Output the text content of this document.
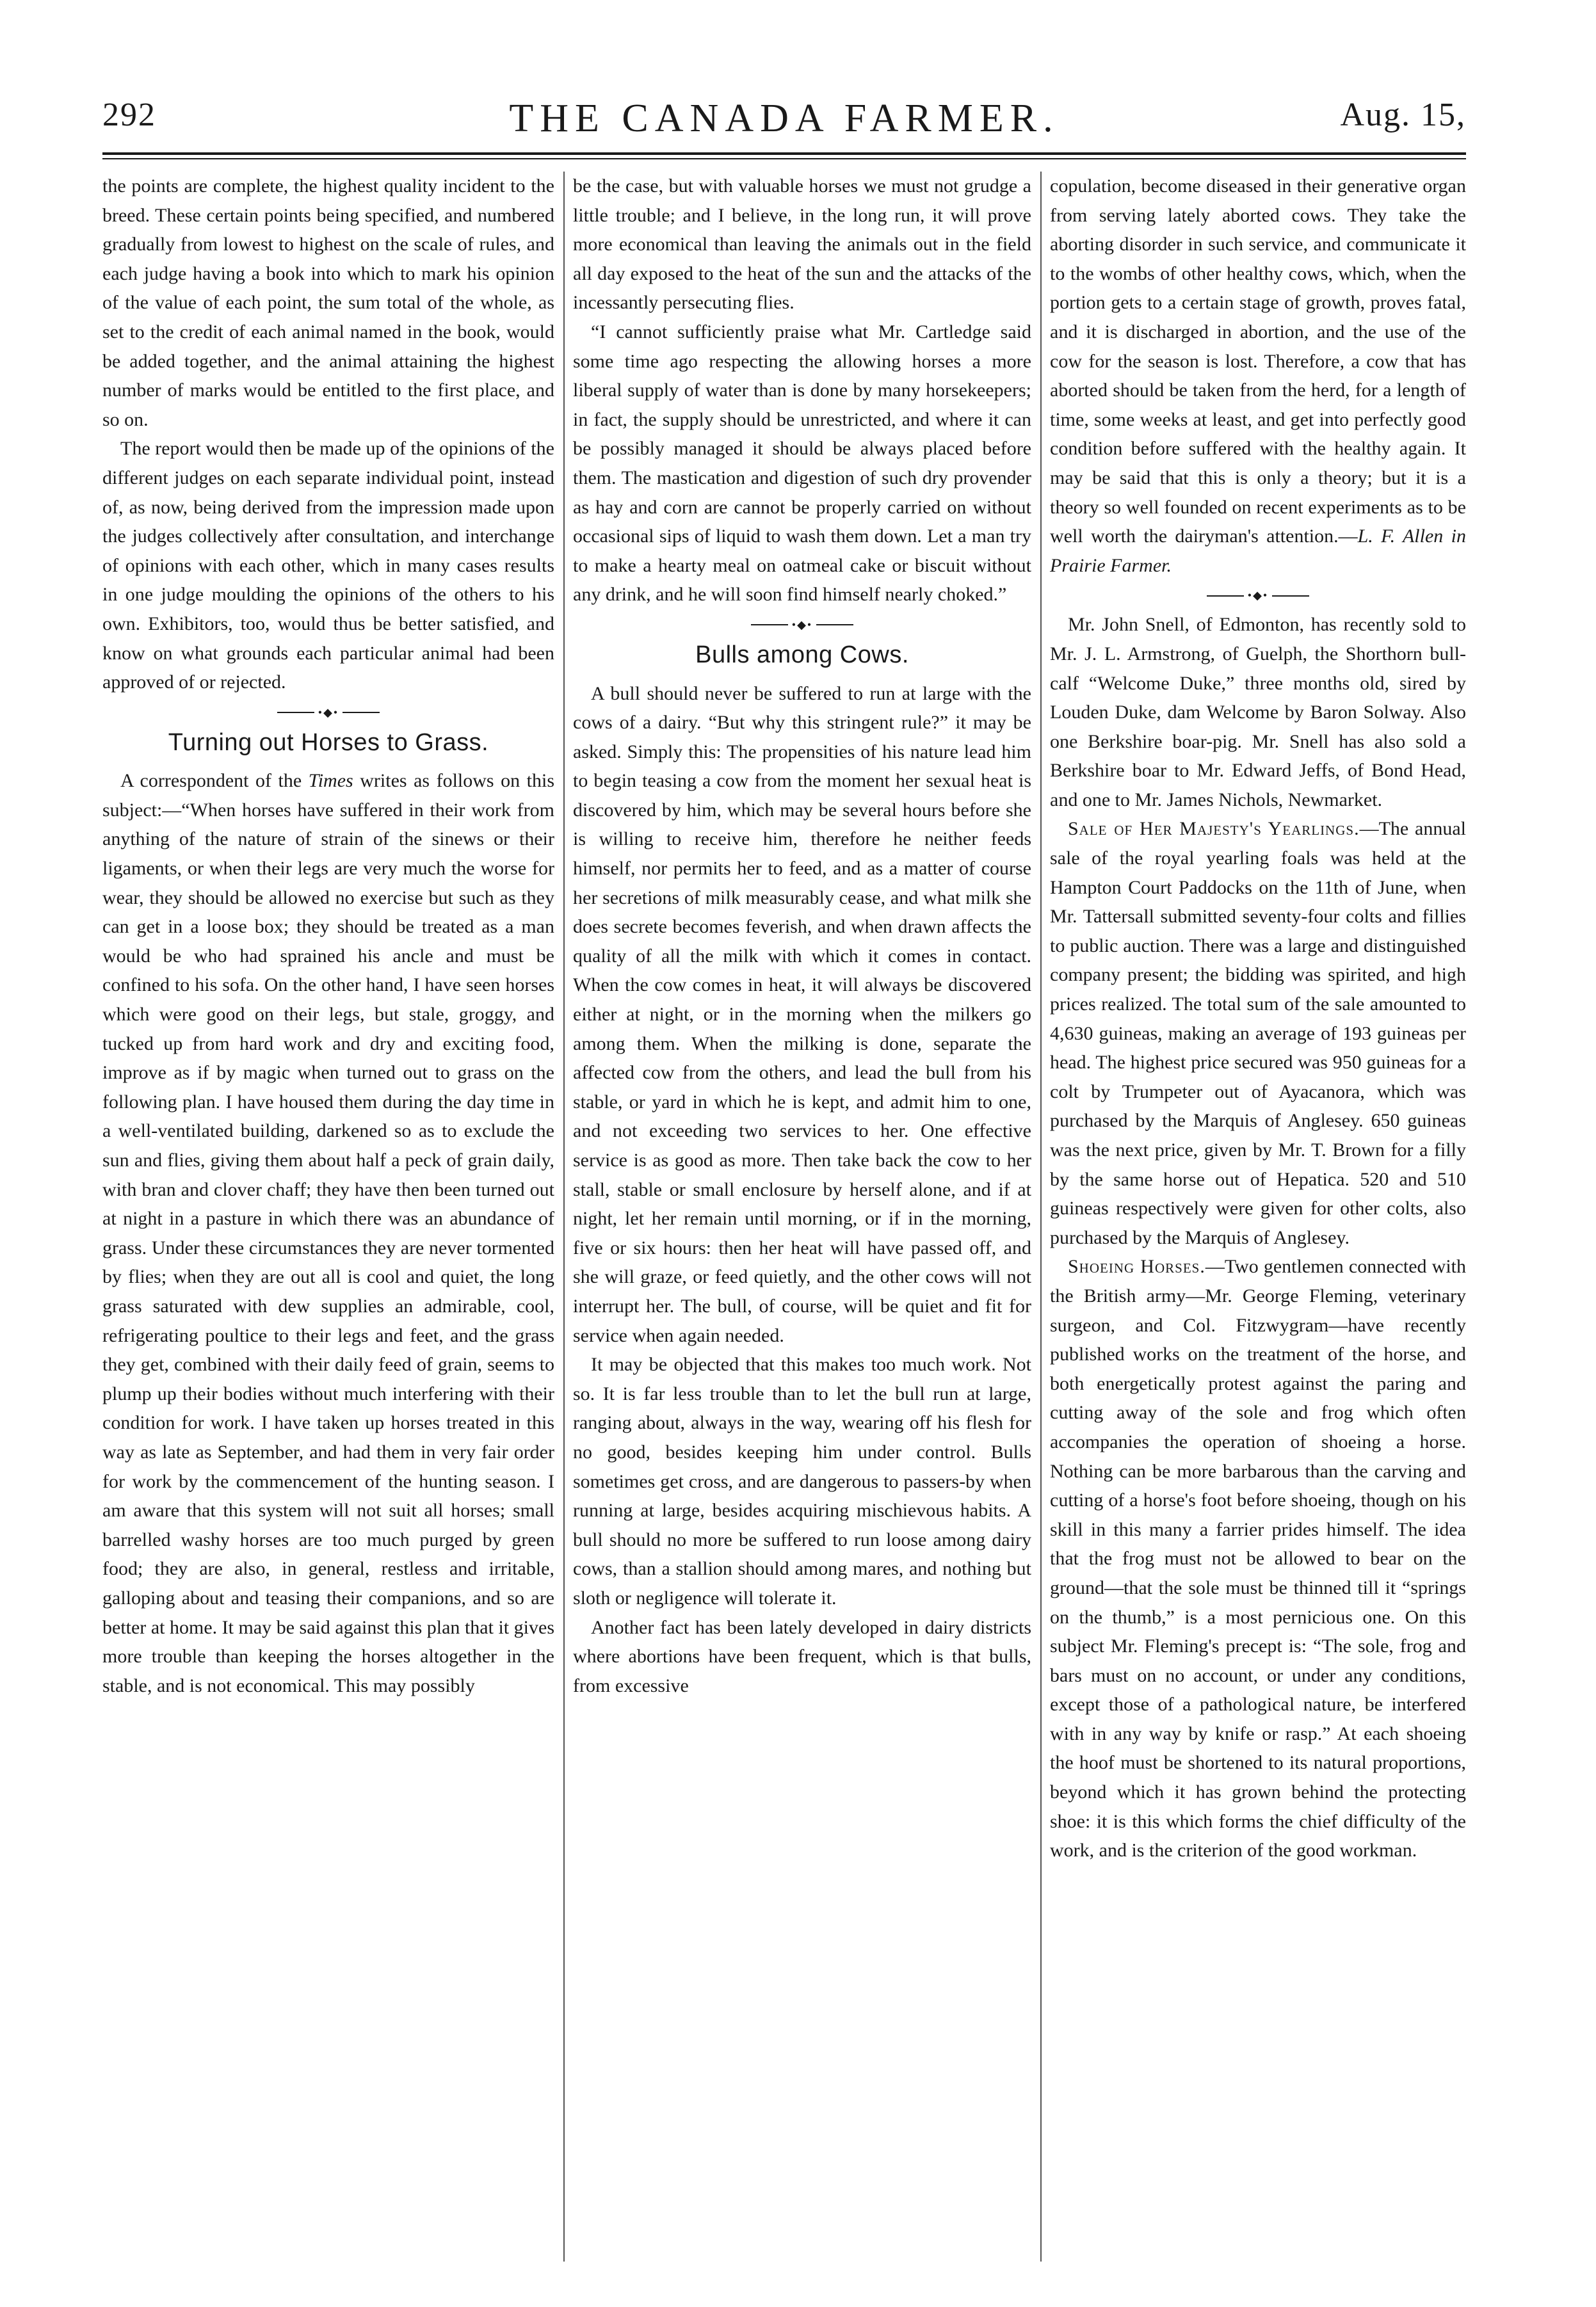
292	THE CANADA FARMER.	Aug. 15,

the points are complete, the highest quality incident to the breed. These certain points being specified, and numbered gradually from lowest to highest on the scale of rules, and each judge having a book into which to mark his opinion of the value of each point, the sum total of the whole, as set to the credit of each animal named in the book, would be added together, and the animal attaining the highest number of marks would be entitled to the first place, and so on.

The report would then be made up of the opinions of the different judges on each separate individual point, instead of, as now, being derived from the impression made upon the judges collectively after consultation, and interchange of opinions with each other, which in many cases results in one judge moulding the opinions of the others to his own. Exhibitors, too, would thus be better satisfied, and know on what grounds each particular animal had been approved of or rejected.

•◆•
Turning out Horses to Grass.

A correspondent of the Times writes as follows on this subject:—“When horses have suffered in their work from anything of the nature of strain of the sinews or their ligaments, or when their legs are very much the worse for wear, they should be allowed no exercise but such as they can get in a loose box; they should be treated as a man would be who had sprained his ancle and must be confined to his sofa. On the other hand, I have seen horses which were good on their legs, but stale, groggy, and tucked up from hard work and dry and exciting food, improve as if by magic when turned out to grass on the following plan. I have housed them during the day time in a well-ventilated building, darkened so as to exclude the sun and flies, giving them about half a peck of grain daily, with bran and clover chaff; they have then been turned out at night in a pasture in which there was an abundance of grass. Under these circumstances they are never tormented by flies; when they are out all is cool and quiet, the long grass saturated with dew supplies an admirable, cool, refrigerating poultice to their legs and feet, and the grass they get, combined with their daily feed of grain, seems to plump up their bodies without much interfering with their condition for work. I have taken up horses treated in this way as late as September, and had them in very fair order for work by the commencement of the hunting season. I am aware that this system will not suit all horses; small barrelled washy horses are too much purged by green food; they are also, in general, restless and irritable, galloping about and teasing their companions, and so are better at home. It may be said against this plan that it gives more trouble than keeping the horses altogether in the stable, and is not economical. This may possibly

be the case, but with valuable horses we must not grudge a little trouble; and I believe, in the long run, it will prove more economical than leaving the animals out in the field all day exposed to the heat of the sun and the attacks of the incessantly persecuting flies.

“I cannot sufficiently praise what Mr. Cartledge said some time ago respecting the allowing horses a more liberal supply of water than is done by many horsekeepers; in fact, the supply should be unrestricted, and where it can be possibly managed it should be always placed before them. The mastication and digestion of such dry provender as hay and corn are cannot be properly carried on without occasional sips of liquid to wash them down. Let a man try to make a hearty meal on oatmeal cake or biscuit without any drink, and he will soon find himself nearly choked.”

•◆•
Bulls among Cows.

A bull should never be suffered to run at large with the cows of a dairy. “But why this stringent rule?” it may be asked. Simply this: The propensities of his nature lead him to begin teasing a cow from the moment her sexual heat is discovered by him, which may be several hours before she is willing to receive him, therefore he neither feeds himself, nor permits her to feed, and as a matter of course her secretions of milk measurably cease, and what milk she does secrete becomes feverish, and when drawn affects the quality of all the milk with which it comes in contact. When the cow comes in heat, it will always be discovered either at night, or in the morning when the milkers go among them. When the milking is done, separate the affected cow from the others, and lead the bull from his stable, or yard in which he is kept, and admit him to one, and not exceeding two services to her. One effective service is as good as more. Then take back the cow to her stall, stable or small enclosure by herself alone, and if at night, let her remain until morning, or if in the morning, five or six hours: then her heat will have passed off, and she will graze, or feed quietly, and the other cows will not interrupt her. The bull, of course, will be quiet and fit for service when again needed.

It may be objected that this makes too much work. Not so. It is far less trouble than to let the bull run at large, ranging about, always in the way, wearing off his flesh for no good, besides keeping him under control. Bulls sometimes get cross, and are dangerous to passers-by when running at large, besides acquiring mischievous habits. A bull should no more be suffered to run loose among dairy cows, than a stallion should among mares, and nothing but sloth or negligence will tolerate it.

Another fact has been lately developed in dairy districts where abortions have been frequent, which is that bulls, from excessive

copulation, become diseased in their generative organ from serving lately aborted cows. They take the aborting disorder in such service, and communicate it to the wombs of other healthy cows, which, when the portion gets to a certain stage of growth, proves fatal, and it is discharged in abortion, and the use of the cow for the season is lost. Therefore, a cow that has aborted should be taken from the herd, for a length of time, some weeks at least, and get into perfectly good condition before suffered with the healthy again. It may be said that this is only a theory; but it is a theory so well founded on recent experiments as to be well worth the dairyman's attention.—L. F. Allen in Prairie Farmer.

•◆•

Mr. John Snell, of Edmonton, has recently sold to Mr. J. L. Armstrong, of Guelph, the Shorthorn bull-calf “Welcome Duke,” three months old, sired by Louden Duke, dam Welcome by Baron Solway. Also one Berkshire boar-pig. Mr. Snell has also sold a Berkshire boar to Mr. Edward Jeffs, of Bond Head, and one to Mr. James Nichols, Newmarket.

Sale of Her Majesty's Yearlings.—The annual sale of the royal yearling foals was held at the Hampton Court Paddocks on the 11th of June, when Mr. Tattersall submitted seventy-four colts and fillies to public auction. There was a large and distinguished company present; the bidding was spirited, and high prices realized. The total sum of the sale amounted to 4,630 guineas, making an average of 193 guineas per head. The highest price secured was 950 guineas for a colt by Trumpeter out of Ayacanora, which was purchased by the Marquis of Anglesey. 650 guineas was the next price, given by Mr. T. Brown for a filly by the same horse out of Hepatica. 520 and 510 guineas respectively were given for other colts, also purchased by the Marquis of Anglesey.

Shoeing Horses.—Two gentlemen connected with the British army—Mr. George Fleming, veterinary surgeon, and Col. Fitzwygram—have recently published works on the treatment of the horse, and both energetically protest against the paring and cutting away of the sole and frog which often accompanies the operation of shoeing a horse. Nothing can be more barbarous than the carving and cutting of a horse's foot before shoeing, though on his skill in this many a farrier prides himself. The idea that the frog must not be allowed to bear on the ground—that the sole must be thinned till it “springs on the thumb,” is a most pernicious one. On this subject Mr. Fleming's precept is: “The sole, frog and bars must on no account, or under any conditions, except those of a pathological nature, be interfered with in any way by knife or rasp.” At each shoeing the hoof must be shortened to its natural proportions, beyond which it has grown behind the protecting shoe: it is this which forms the chief difficulty of the work, and is the criterion of the good workman.
